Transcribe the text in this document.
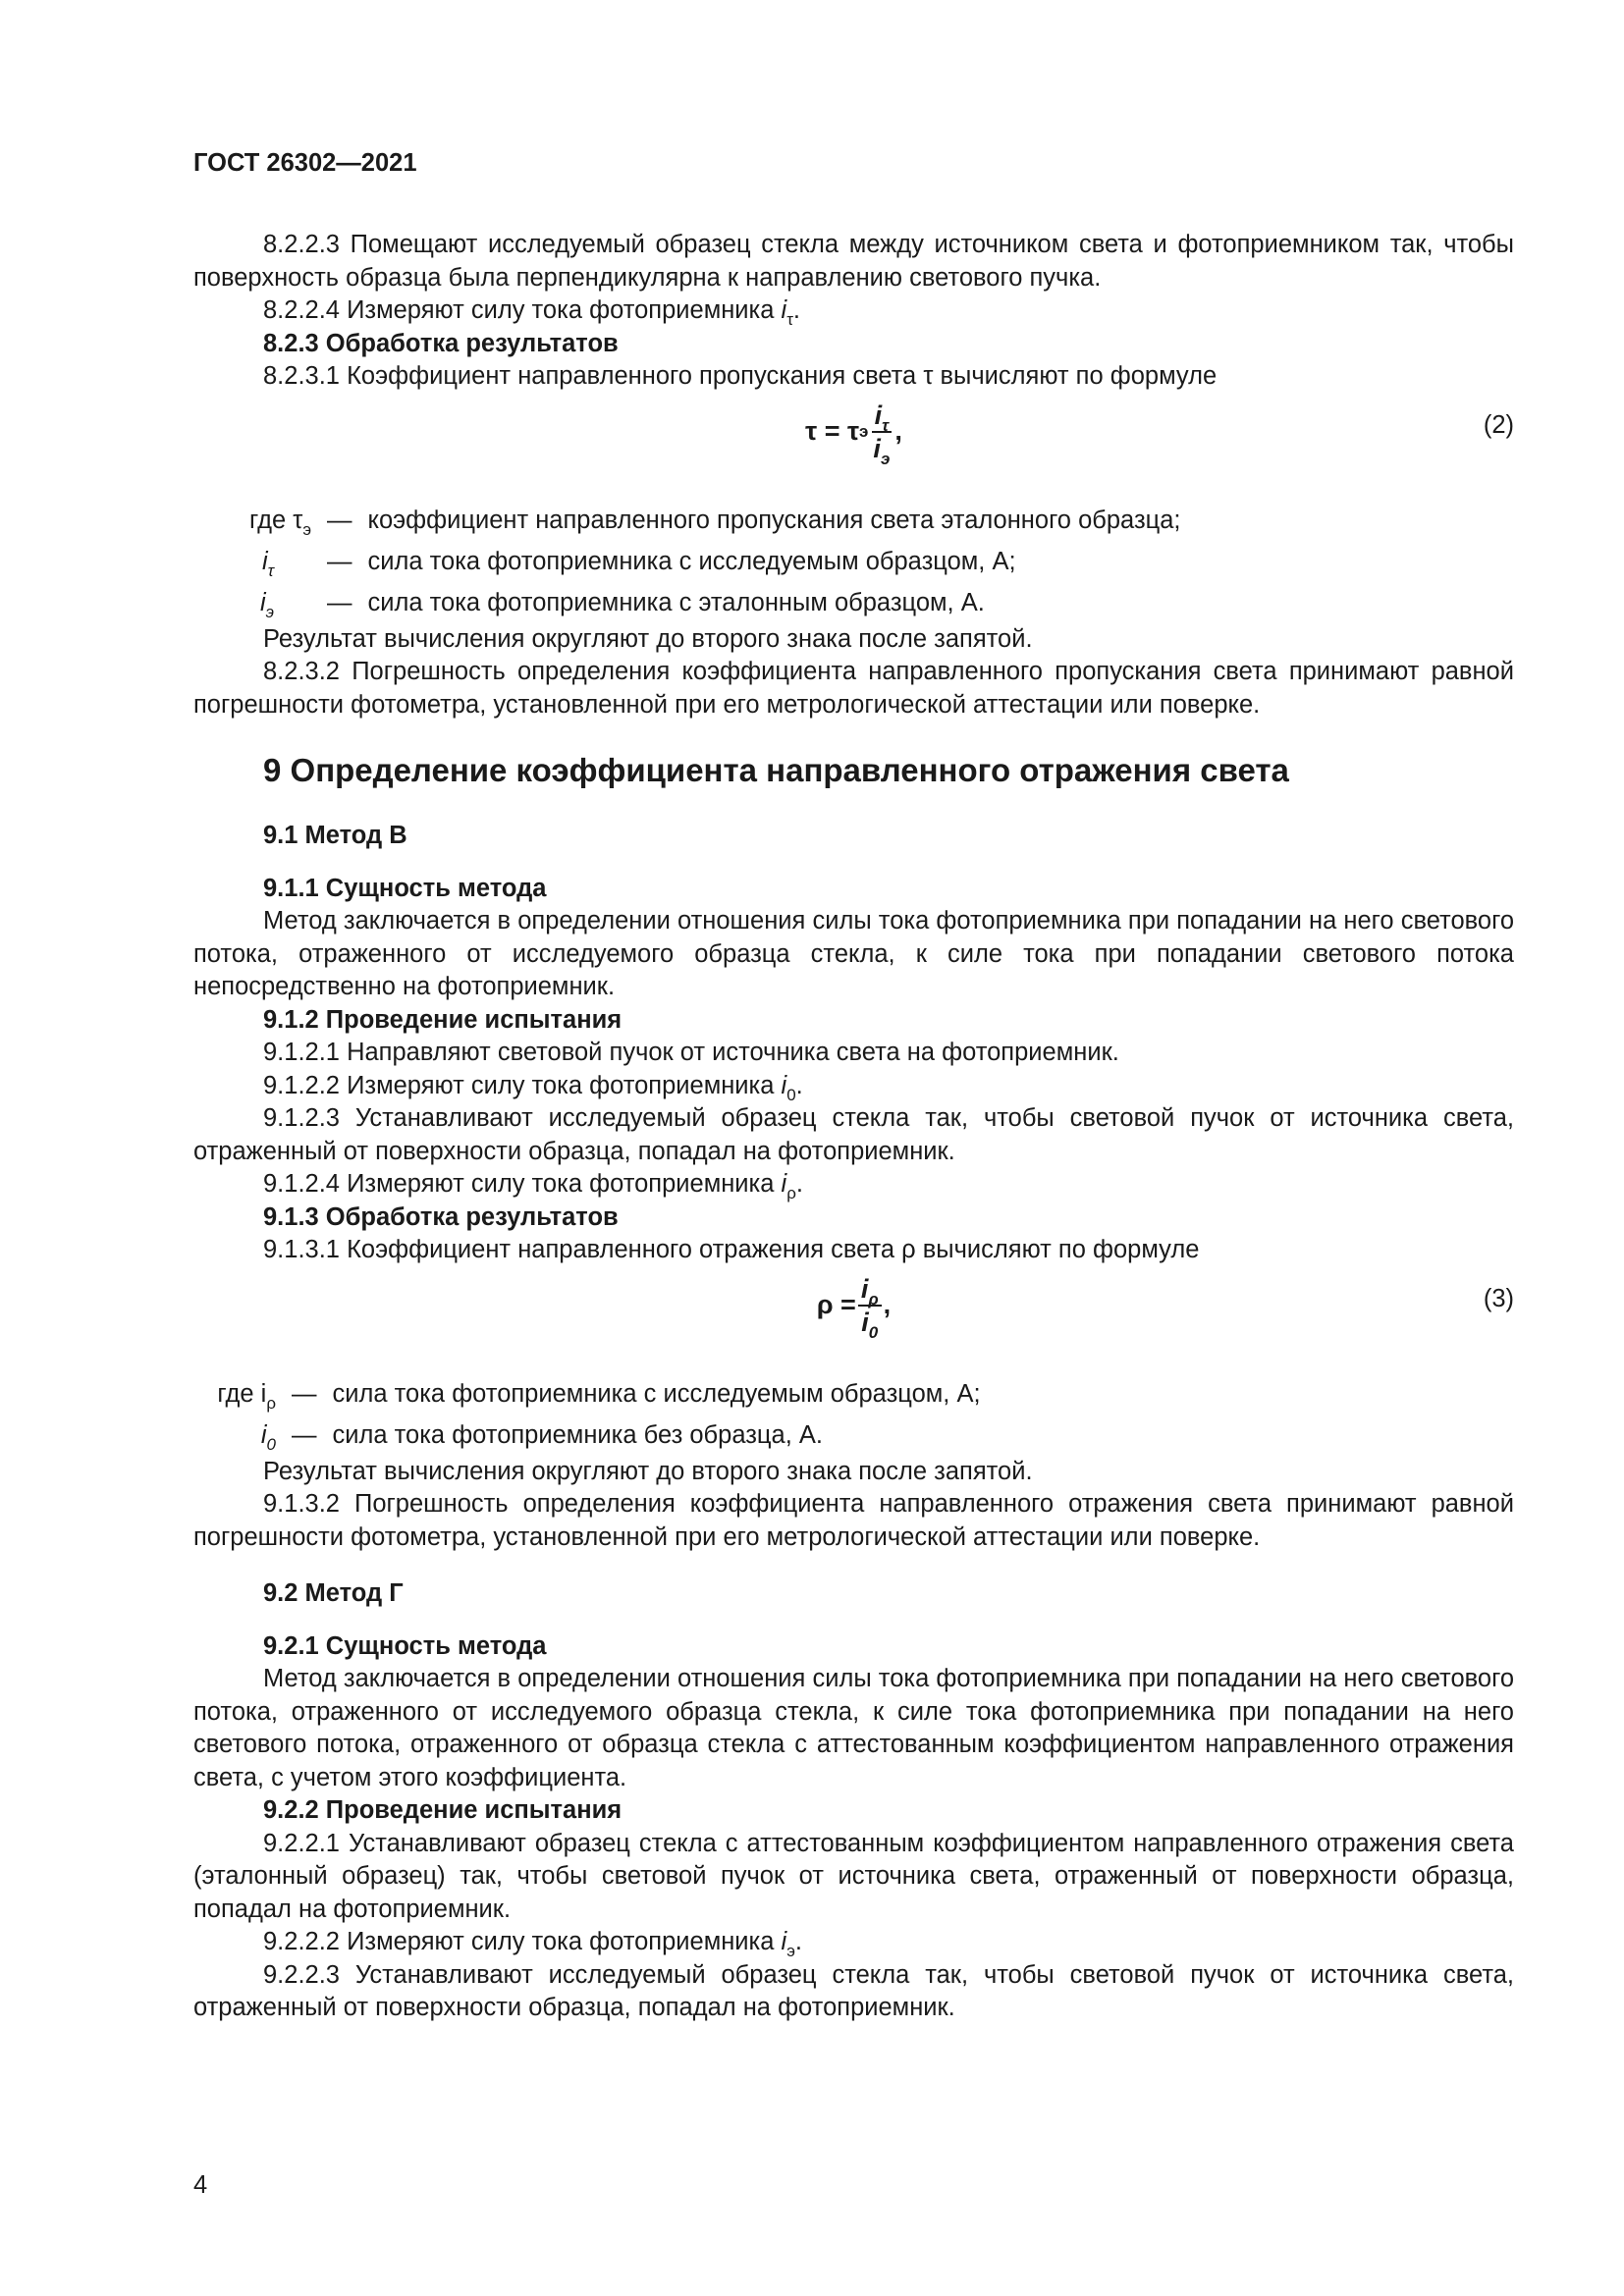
ГОСТ 26302—2021

8.2.2.3 Помещают исследуемый образец стекла между источником света и фотоприемником так, чтобы поверхность образца была перпендикулярна к направлению светового пучка.

8.2.2.4 Измеряют силу тока фотоприемника $i_\tau$.

8.2.3 Обработка результатов

8.2.3.1 Коэффициент направленного пропускания света τ вычисляют по формуле

τ = τ э $\frac{i_\tau}{i_э}$ ,	(2)
где $\tau_э$ — коэффициент направленного пропускания света эталонного образца;
$i_\tau$	— сила тока фотоприемника с исследуемым образцом, А;
$i_э$	— сила тока фотоприемника с эталонным образцом, А.

Результат вычисления округляют до второго знака после запятой.

8.2.3.2 Погрешность определения коэффициента направленного пропускания света принимают равной погрешности фотометра, установленной при его метрологической аттестации или поверке.

9 Определение коэффициента направленного отражения света

9.1 Метод В

9.1.1 Сущность метода

Метод заключается в определении отношения силы тока фотоприемника при попадании на него светового потока, отраженного от исследуемого образца стекла, к силе тока при попадании светового потока непосредственно на фотоприемник.

9.1.2 Проведение испытания

9.1.2.1 Направляют световой пучок от источника света на фотоприемник.

9.1.2.2 Измеряют силу тока фотоприемника $i_0$.

9.1.2.3 Устанавливают исследуемый образец стекла так, чтобы световой пучок от источника света, отраженный от поверхности образца, попадал на фотоприемник.

9.1.2.4 Измеряют силу тока фотоприемника $i_\rho$.

9.1.3 Обработка результатов

9.1.3.1 Коэффициент направленного отражения света ρ вычисляют по формуле

$\rho = \frac{i_\rho}{i_0}$ ,	(3)
где $i_\rho$ — сила тока фотоприемника с исследуемым образцом, А;
$i_0$ — сила тока фотоприемника без образца, А.

Результат вычисления округляют до второго знака после запятой.

9.1.3.2 Погрешность определения коэффициента направленного отражения света принимают равной погрешности фотометра, установленной при его метрологической аттестации или поверке.

9.2 Метод Г

9.2.1 Сущность метода

Метод заключается в определении отношения силы тока фотоприемника при попадании на него светового потока, отраженного от исследуемого образца стекла, к силе тока фотоприемника при попадании на него светового потока, отраженного от образца стекла с аттестованным коэффициентом направленного отражения света, с учетом этого коэффициента.

9.2.2 Проведение испытания

9.2.2.1 Устанавливают образец стекла с аттестованным коэффициентом направленного отражения света (эталонный образец) так, чтобы световой пучок от источника света, отраженный от поверхности образца, попадал на фотоприемник.

9.2.2.2 Измеряют силу тока фотоприемника $i_э$.

9.2.2.3 Устанавливают исследуемый образец стекла так, чтобы световой пучок от источника света, отраженный от поверхности образца, попадал на фотоприемник.

4
